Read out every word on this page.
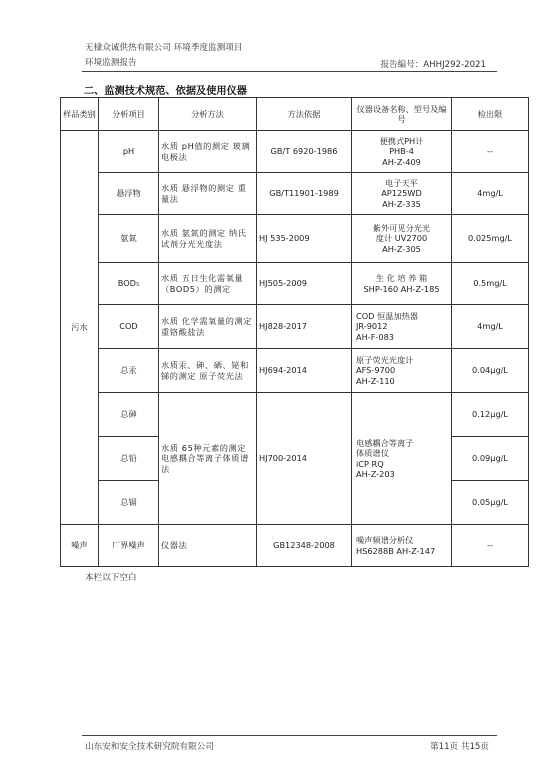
无棣众诚供热有限公司 环境季度监测项目
环境监测报告	报告编号：AHHJ292-2021
二、监测技术规范、依据及使用仪器
样品类别	分析项目	分析方法	方法依据	仪器设备名称、型号及编号	检出限
污水	pH	水质 pH值的测定 玻璃电极法	GB/T 6920-1986	便携式PH计
PHB-4
AH-Z-409	--
	悬浮物	水质 悬浮物的测定 重量法	GB/T11901-1989	电子天平
AP125WD
AH-Z-335	4mg/L
	氨氮	水质 氨氮的测定 纳氏试剂分光光度法	HJ 535-2009	紫外可见分光光
度计 UV2700
AH-Z-305	0.025mg/L
	BOD₅	水质 五日生化需氧量（BOD5）的测定	HJ505-2009	生 化 培 养 箱
SHP-160 AH-Z-185	0.5mg/L
	COD	水质 化学需氧量的测定 重铬酸盐法	HJ828-2017	COD 恒温加热器
JR-9012
AH-F-083	4mg/L
	总汞	水质汞、砷、硒、铋和锑的测定 原子荧光法	HJ694-2014	原子荧光光度计
AFS-9700
AH-Z-110	0.04μg/L
	总砷	水质 65种元素的测定 电感耦合等离子体质谱法	HJ700-2014	电感耦合等离子
体质谱仪
iCP RQ
AH-Z-203	0.12μg/L
	总铅				0.09μg/L
	总镉				0.05μg/L
噪声	厂界噪声	仪器法	GB12348-2008	噪声频谱分析仪
HS6288B AH-Z-147	--
本栏以下空白
山东安和安全技术研究院有限公司	第11页 共15页
